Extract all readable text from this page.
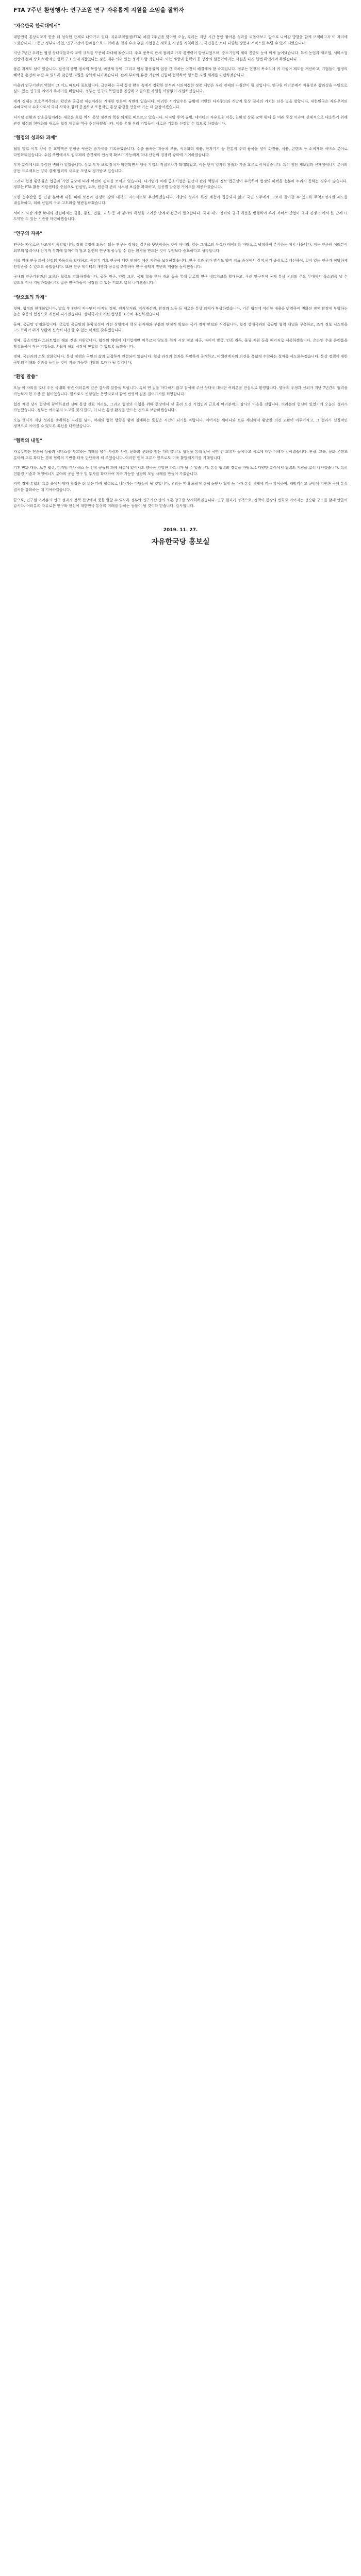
FTA 7주년 환영행사: 연구조원 연구 자유롭게 지원을 소임을 잘하자
"자유한국 한국대에서"

대한민국 통상외교가 한층 더 성숙한 단계로 나아가고 있다. 자유무역협정(FTA) 체결 7주년을 맞이한 오늘, 우리는 지난 시간 동안 쌓아온 성과를 되돌아보고 앞으로 나아갈 방향을 함께 모색하고자 이 자리에 모였습니다. 그동안 정부와 기업, 연구기관이 한마음으로 노력해 온 결과 우리 수출 기업들은 새로운 시장을 개척하였고, 국민들은 보다 다양한 상품과 서비스를 누릴 수 있게 되었습니다.

지난 7년간 우리는 협정 상대국들과의 교역 규모를 꾸준히 확대해 왔습니다. 주요 품목의 관세 철폐로 가격 경쟁력이 향상되었으며, 중소기업의 해외 진출도 눈에 띄게 늘어났습니다. 특히 농업과 제조업, 서비스업 전반에 걸쳐 상호 보완적인 협력 구조가 자리잡았다는 점은 매우 의미 있는 성과라 할 것입니다. 이는 개방과 협력이 곧 성장의 원동력이라는 사실을 다시 한번 확인시켜 주었습니다.

물론 과제도 남아 있습니다. 원산지 증명 절차의 복잡성, 비관세 장벽, 그리고 협정 활용률의 업종 간 격차는 여전히 해결해야 할 숙제입니다. 정부는 현장의 목소리에 귀 기울여 제도를 개선하고, 기업들이 협정의 혜택을 온전히 누릴 수 있도록 맞춤형 지원을 강화해 나가겠습니다. 관계 부처와 유관 기관이 긴밀히 협력하여 원스톱 지원 체계를 마련하겠습니다.

아울러 연구기관의 역할이 그 어느 때보다 중요합니다. 급변하는 국제 통상 환경 속에서 정확한 분석과 시의적절한 정책 제언은 우리 경제의 나침반이 될 것입니다. 연구원 여러분께서 자율성과 창의성을 바탕으로 심도 있는 연구를 이어가 주시기를 바랍니다. 정부는 연구의 독립성을 존중하고 필요한 자원을 아낌없이 지원하겠습니다.

세계 경제는 보호무역주의의 확산과 공급망 재편이라는 거대한 변화에 직면해 있습니다. 이러한 시기일수록 규범에 기반한 다자주의와 개방적 통상 질서의 가치는 더욱 빛을 발합니다. 대한민국은 자유무역의 수혜국이자 수호자로서 국제 사회와 함께 공정하고 포용적인 통상 환경을 만들어 가는 데 앞장서겠습니다.

디지털 전환과 탄소중립이라는 새로운 흐름 역시 통상 정책의 핵심 의제로 떠오르고 있습니다. 디지털 무역 규범, 데이터의 자유로운 이동, 친환경 상품 교역 확대 등 미래 통상 이슈에 선제적으로 대응하기 위해 관련 협정의 현대화와 새로운 협정 체결을 적극 추진하겠습니다. 이를 통해 우리 기업들이 새로운 기회를 선점할 수 있도록 하겠습니다.

"협정의 성과와 과제"

협정 발효 이후 양국 간 교역액은 연평균 꾸준한 증가세를 기록하였습니다. 수출 품목은 자동차 부품, 석유화학 제품, 전자기기 등 전통적 주력 품목을 넘어 화장품, 식품, 콘텐츠 등 소비재와 서비스 분야로 다변화되었습니다. 수입 측면에서도 원자재와 중간재의 안정적 확보가 가능해져 국내 산업의 경쟁력 강화에 기여하였습니다.

투자 분야에서도 뚜렷한 변화가 있었습니다. 상호 투자 보호 장치가 마련되면서 양국 기업의 직접투자가 확대되었고, 이는 현지 일자리 창출과 기술 교류로 이어졌습니다. 특히 첨단 제조업과 신재생에너지 분야의 공동 프로젝트는 양국 경제 협력의 새로운 모델로 평가받고 있습니다.

그러나 협정 활용률은 업종과 기업 규모에 따라 여전히 편차를 보이고 있습니다. 대기업에 비해 중소기업은 원산지 관리 역량과 정보 접근성이 부족하여 협정의 혜택을 충분히 누리지 못하는 경우가 많습니다. 정부는 FTA 활용 지원센터를 중심으로 컨설팅, 교육, 원산지 관리 시스템 보급을 확대하고, 업종별 맞춤형 가이드를 제공하겠습니다.

또한 농수산업 등 민감 분야에 대한 피해 보전과 경쟁력 강화 대책도 지속적으로 추진하겠습니다. 개방의 성과가 특정 계층에 집중되지 않고 국민 모두에게 고르게 돌아갈 수 있도록 무역조정지원 제도를 내실화하고, 피해 산업의 구조 고도화를 뒷받침하겠습니다.

서비스 시장 개방 확대와 관련해서는 금융, 통신, 법률, 교육 등 각 분야의 특성을 고려한 단계적 접근이 필요합니다. 국내 제도 정비와 규제 개선을 병행하여 우리 서비스 산업이 국제 경쟁 속에서 한 단계 더 도약할 수 있는 기반을 마련하겠습니다.

"연구의 자유"

연구는 자유로운 사고에서 출발합니다. 정책 결정에 도움이 되는 연구는 정해진 결론을 뒷받침하는 것이 아니라, 있는 그대로의 사실과 데이터를 바탕으로 냉정하게 분석하는 데서 나옵니다. 저는 연구원 여러분이 외부의 압력이나 단기적 성과에 얽매이지 않고 본연의 연구에 몰두할 수 있는 환경을 만드는 것이 무엇보다 중요하다고 생각합니다.

이를 위해 연구 과제 선정의 자율성을 확대하고, 중장기 기초 연구에 대한 안정적 예산 지원을 보장하겠습니다. 연구 성과 평가 방식도 양적 지표 중심에서 질적 평가 중심으로 개선하여, 깊이 있는 연구가 정당하게 인정받을 수 있도록 하겠습니다. 또한 연구 데이터의 개방과 공유를 촉진하여 연구 생태계 전반의 역량을 높이겠습니다.

국내외 연구기관과의 교류와 협력도 강화하겠습니다. 공동 연구, 인력 교류, 국제 학술 행사 개최 등을 통해 글로벌 연구 네트워크를 확대하고, 우리 연구진이 국제 통상 논의의 주요 무대에서 목소리를 낼 수 있도록 적극 지원하겠습니다. 젊은 연구자들이 성장할 수 있는 기회도 넓혀 나가겠습니다.

"앞으로의 과제"

첫째, 협정의 현대화입니다. 발효 후 7년이 지나면서 디지털 경제, 전자상거래, 지식재산권, 환경과 노동 등 새로운 통상 의제가 부상하였습니다. 기존 협정에 이러한 내용을 반영하여 변화된 경제 환경에 부합하는 높은 수준의 협정으로 개선해 나가겠습니다. 상대국과의 개선 협상을 조속히 추진하겠습니다.

둘째, 공급망 안정화입니다. 글로벌 공급망의 불확실성이 커진 상황에서 핵심 원자재와 부품의 안정적 확보는 국가 경제 안보와 직결됩니다. 협정 상대국과의 공급망 협력 채널을 구축하고, 조기 경보 시스템을 고도화하여 위기 상황에 신속히 대응할 수 있는 체계를 갖추겠습니다.

셋째, 중소기업과 스타트업의 해외 진출 지원입니다. 협정의 혜택이 대기업에만 머무르지 않도록 현지 시장 정보 제공, 바이어 발굴, 인증 취득, 물류 지원 등을 패키지로 제공하겠습니다. 온라인 수출 플랫폼을 활성화하여 작은 기업들도 손쉽게 해외 시장에 진입할 수 있도록 돕겠습니다.

넷째, 국민과의 소통 강화입니다. 통상 정책은 국민의 삶과 밀접하게 연결되어 있습니다. 협상 과정과 결과를 투명하게 공개하고, 이해관계자의 의견을 폭넓게 수렴하는 절차를 제도화하겠습니다. 통상 정책에 대한 국민의 이해와 신뢰를 높이는 것이 지속 가능한 개방의 토대가 될 것입니다.

"환영 말씀"

오늘 이 자리를 빛내 주신 국내외 귀빈 여러분께 깊은 감사의 말씀을 드립니다. 특히 먼 길을 마다하지 않고 참석해 주신 상대국 대표단 여러분을 진심으로 환영합니다. 양국의 우정과 신뢰가 지난 7년간의 협력을 가능하게 한 가장 큰 힘이었습니다. 앞으로도 변함없는 동반자로서 함께 번영의 길을 걸어가기를 희망합니다.

협정 체결 당시 협상에 참여하셨던 선배 통상 관료 여러분, 그리고 협정의 이행을 위해 현장에서 땀 흘려 오신 기업인과 근로자 여러분께도 감사의 마음을 전합니다. 여러분의 헌신이 있었기에 오늘의 성과가 가능했습니다. 정부는 여러분의 노고를 잊지 않고, 더 나은 통상 환경을 만드는 것으로 보답하겠습니다.

오늘 행사가 지난 성과를 축하하는 자리를 넘어, 미래의 협력 방향을 함께 설계하는 뜻깊은 시간이 되기를 바랍니다. 이어지는 세미나와 토론 세션에서 활발한 의견 교환이 이루어지고, 그 결과가 실질적인 정책으로 이어질 수 있도록 최선을 다하겠습니다.

"협력의 내일"

자유무역은 단순히 상품과 서비스를 사고파는 거래를 넘어 사람과 사람, 문화와 문화를 잇는 다리입니다. 협정을 통해 양국 국민 간 교류가 늘어나고 서로에 대한 이해가 깊어졌습니다. 관광, 교육, 문화 콘텐츠 분야의 교류 확대는 경제 협력의 기반을 더욱 단단하게 해 주었습니다. 이러한 인적 교류가 앞으로도 더욱 활발해지기를 기대합니다.

기후 변화 대응, 보건 협력, 디지털 격차 해소 등 인류 공동의 과제 해결에 있어서도 양국은 긴밀한 파트너가 될 수 있습니다. 통상 협력의 경험을 바탕으로 다양한 분야에서 협력의 지평을 넓혀 나가겠습니다. 특히 친환경 기술과 재생에너지 분야의 공동 연구 및 투자를 확대하여 지속 가능한 성장의 모범 사례를 만들어 가겠습니다.

지역 경제 통합의 흐름 속에서 양자 협정은 더 넓은 다자 협력으로 나아가는 디딤돌이 될 것입니다. 우리는 역내 포괄적 경제 동반자 협정 등 다자 통상 체제에 적극 참여하며, 개방적이고 규범에 기반한 국제 통상 질서를 강화하는 데 기여하겠습니다.

끝으로, 연구원 여러분의 연구 성과가 정책 현장에서 빛을 발할 수 있도록 정부와 연구기관 간의 소통 창구를 상시화하겠습니다. 연구 결과가 정책으로, 정책이 현장의 변화로 이어지는 선순환 구조를 함께 만들어 갑시다. 여러분의 자유로운 연구와 헌신이 대한민국 통상의 미래를 밝히는 등불이 될 것이라 믿습니다. 감사합니다.

2019. 11. 27.
자유한국당 홍보실
